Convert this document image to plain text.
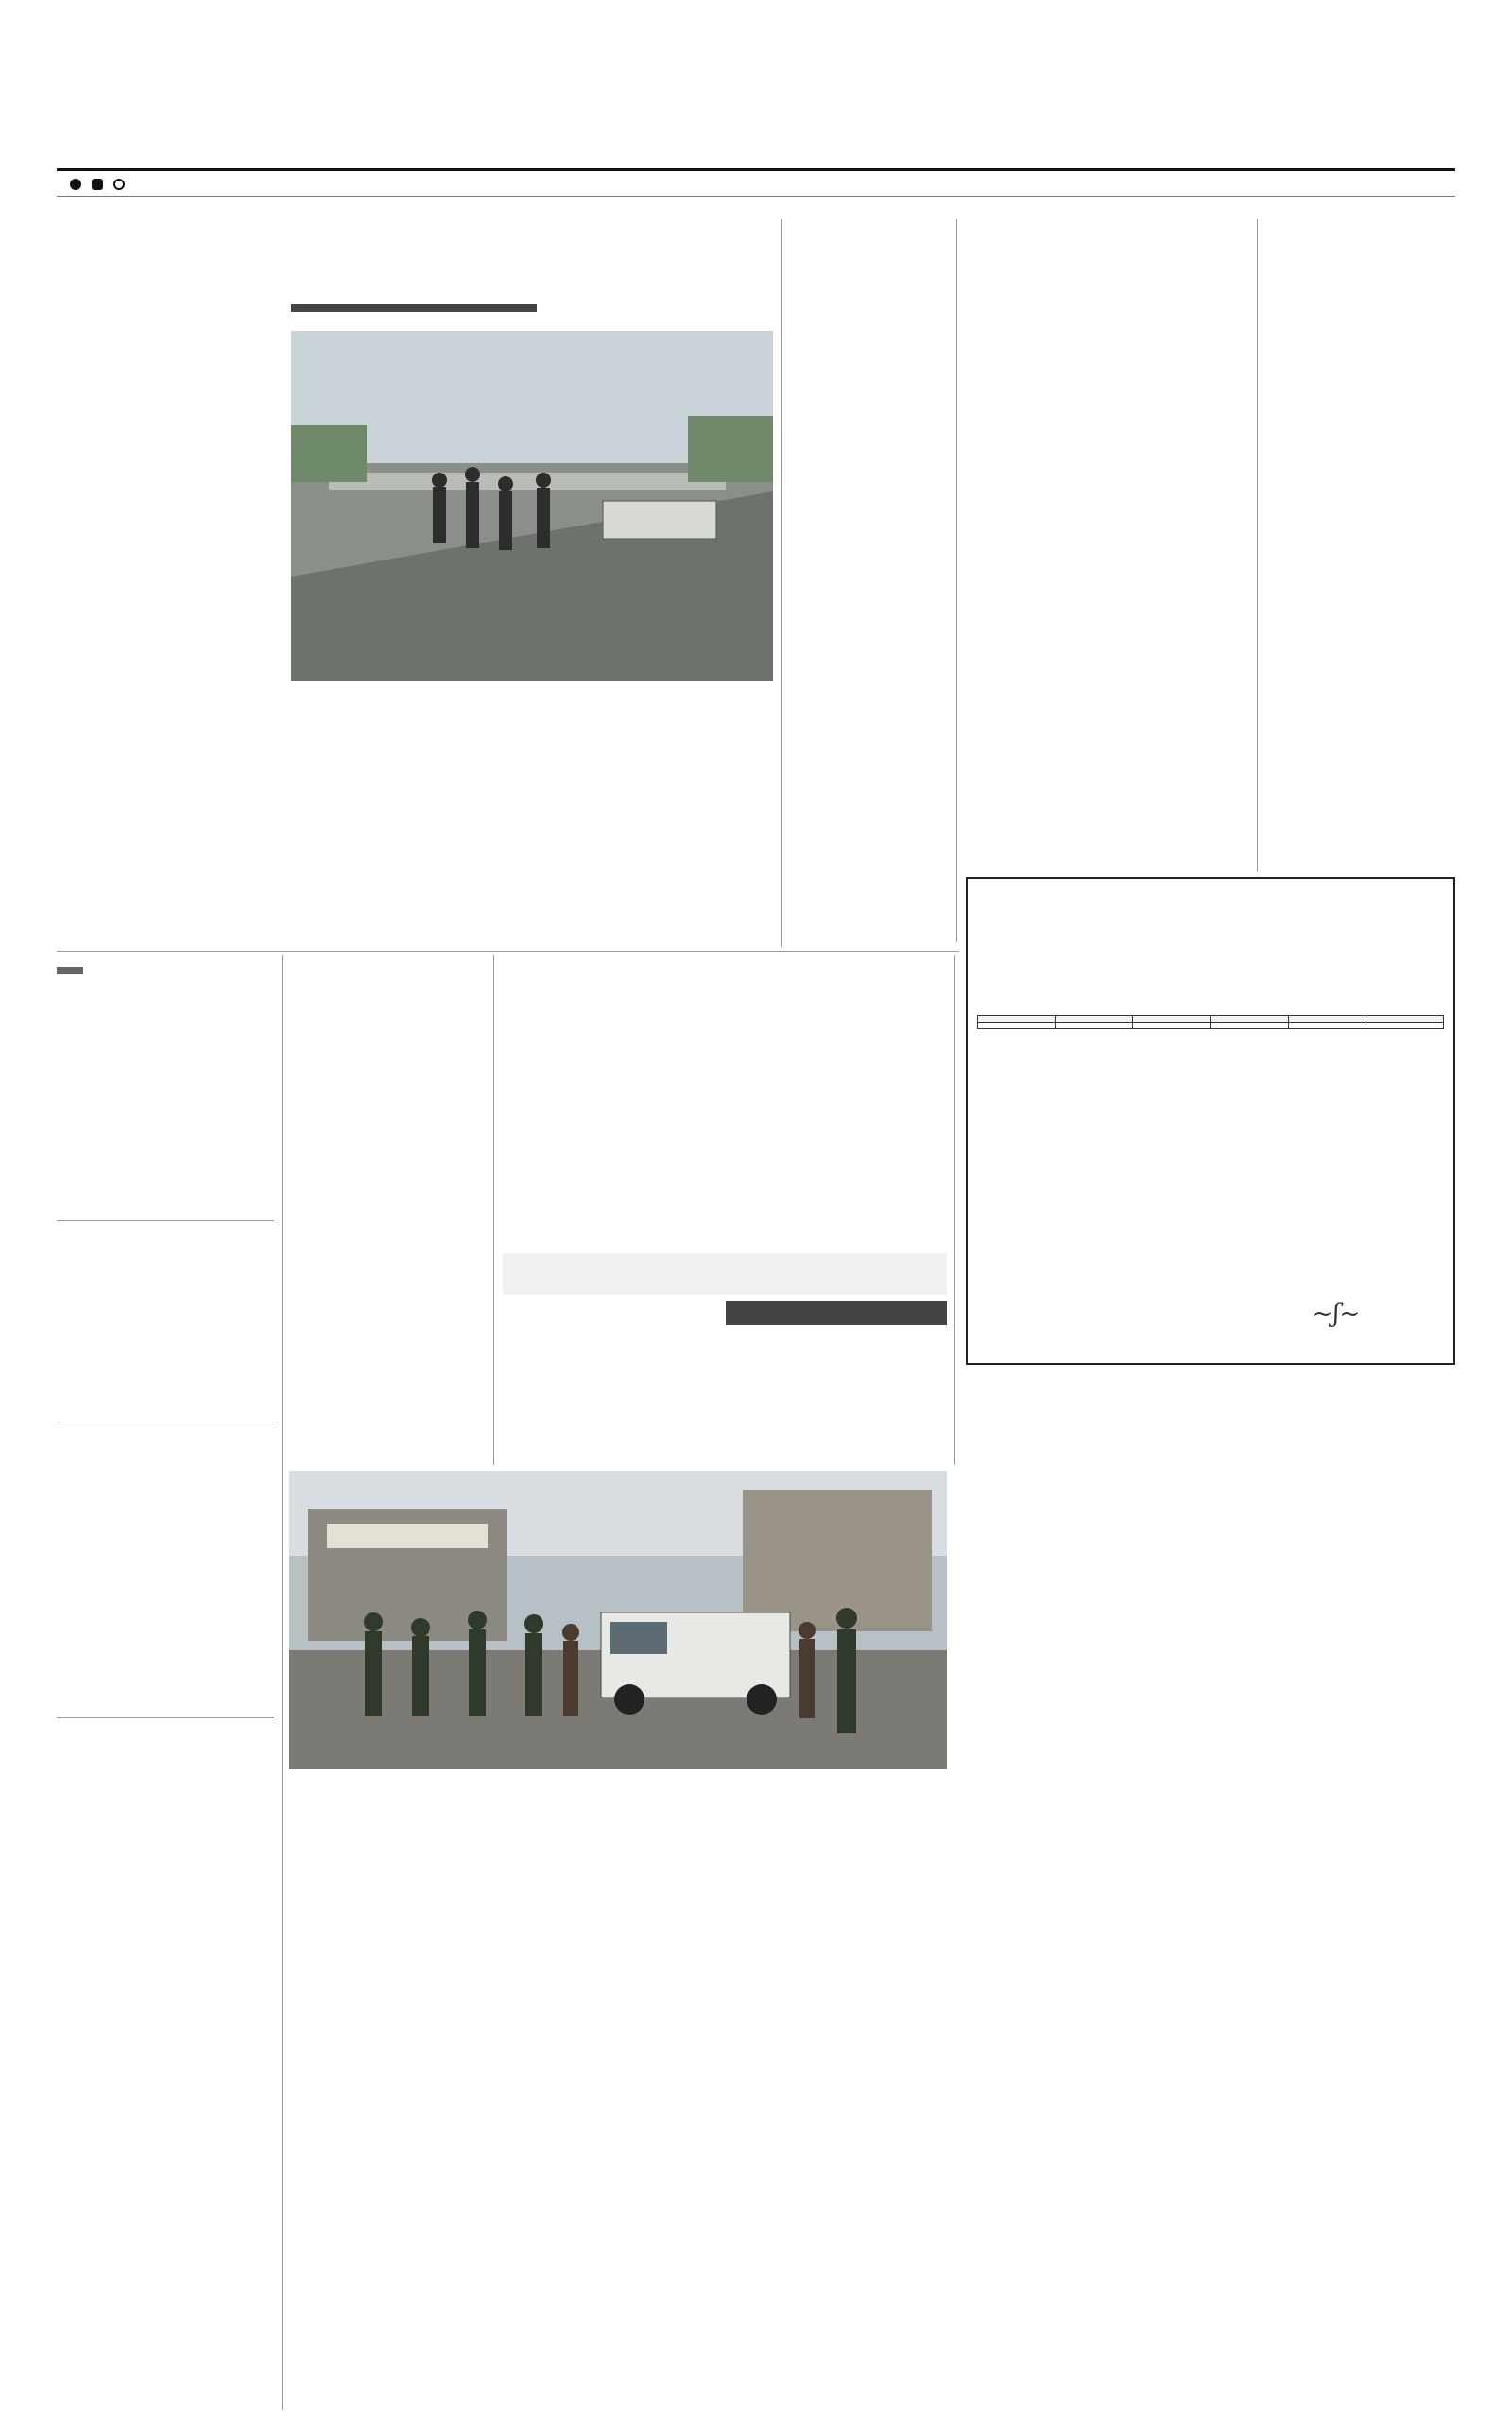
~ʃ~
